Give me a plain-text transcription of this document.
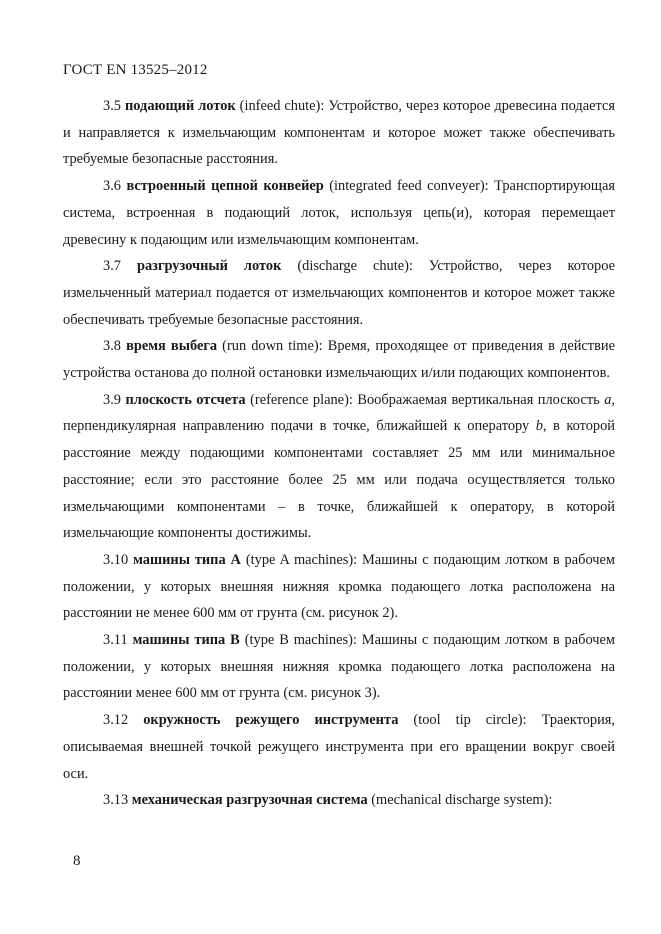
ГОСТ EN 13525–2012

3.5 подающий лоток (infeed chute): Устройство, через которое древесина подается и направляется к измельчающим компонентам и которое может также обеспечивать требуемые безопасные расстояния.

3.6 встроенный цепной конвейер (integrated feed conveyer): Транспортирующая система, встроенная в подающий лоток, используя цепь(и), которая перемещает древесину к подающим или измельчающим компонентам.

3.7 разгрузочный лоток (discharge chute): Устройство, через которое измельченный материал подается от измельчающих компонентов и которое может также обеспечивать требуемые безопасные расстояния.

3.8 время выбега (run down time): Время, проходящее от приведения в действие устройства останова до полной остановки измельчающих и/или подающих компонентов.

3.9 плоскость отсчета (reference plane): Воображаемая вертикальная плоскость a, перпендикулярная направлению подачи в точке, ближайшей к оператору b, в которой расстояние между подающими компонентами составляет 25 мм или минимальное расстояние; если это расстояние более 25 мм или подача осуществляется только измельчающими компонентами – в точке, ближайшей к оператору, в которой измельчающие компоненты достижимы.

3.10 машины типа А (type A machines): Машины с подающим лотком в рабочем положении, у которых внешняя нижняя кромка подающего лотка расположена на расстоянии не менее 600 мм от грунта (см. рисунок 2).

3.11 машины типа В (type B machines): Машины с подающим лотком в рабочем положении, у которых внешняя нижняя кромка подающего лотка расположена на расстоянии менее 600 мм от грунта (см. рисунок 3).

3.12 окружность режущего инструмента (tool tip circle): Траектория, описываемая внешней точкой режущего инструмента при его вращении вокруг своей оси.

3.13 механическая разгрузочная система (mechanical discharge system):

8
